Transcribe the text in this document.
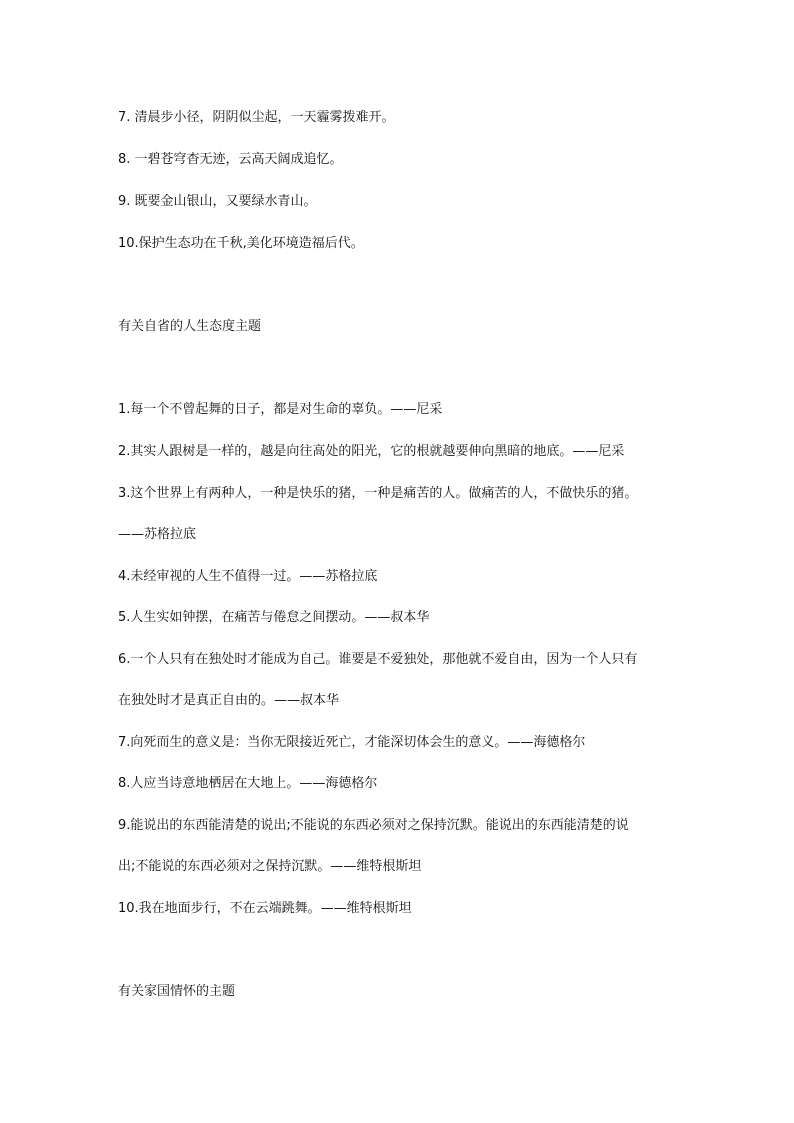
7. 清晨步小径，阴阴似尘起，一天霾雾拨难开。
8. 一碧苍穹杳无迹，云高天阔成追忆。
9. 既要金山银山，又要绿水青山。
10.保护生态功在千秋,美化环境造福后代。
有关自省的人生态度主题
1.每一个不曾起舞的日子，都是对生命的辜负。——尼采
2.其实人跟树是一样的，越是向往高处的阳光，它的根就越要伸向黑暗的地底。——尼采
3.这个世界上有两种人，一种是快乐的猪，一种是痛苦的人。做痛苦的人，不做快乐的猪。
——苏格拉底
4.未经审视的人生不值得一过。——苏格拉底
5.人生实如钟摆，在痛苦与倦怠之间摆动。——叔本华
6.一个人只有在独处时才能成为自己。谁要是不爱独处，那他就不爱自由，因为一个人只有
在独处时才是真正自由的。——叔本华
7.向死而生的意义是：当你无限接近死亡，才能深切体会生的意义。——海德格尔
8.人应当诗意地栖居在大地上。——海德格尔
9.能说出的东西能清楚的说出;不能说的东西必须对之保持沉默。能说出的东西能清楚的说
出;不能说的东西必须对之保持沉默。——维特根斯坦
10.我在地面步行，不在云端跳舞。——维特根斯坦
有关家国情怀的主题
